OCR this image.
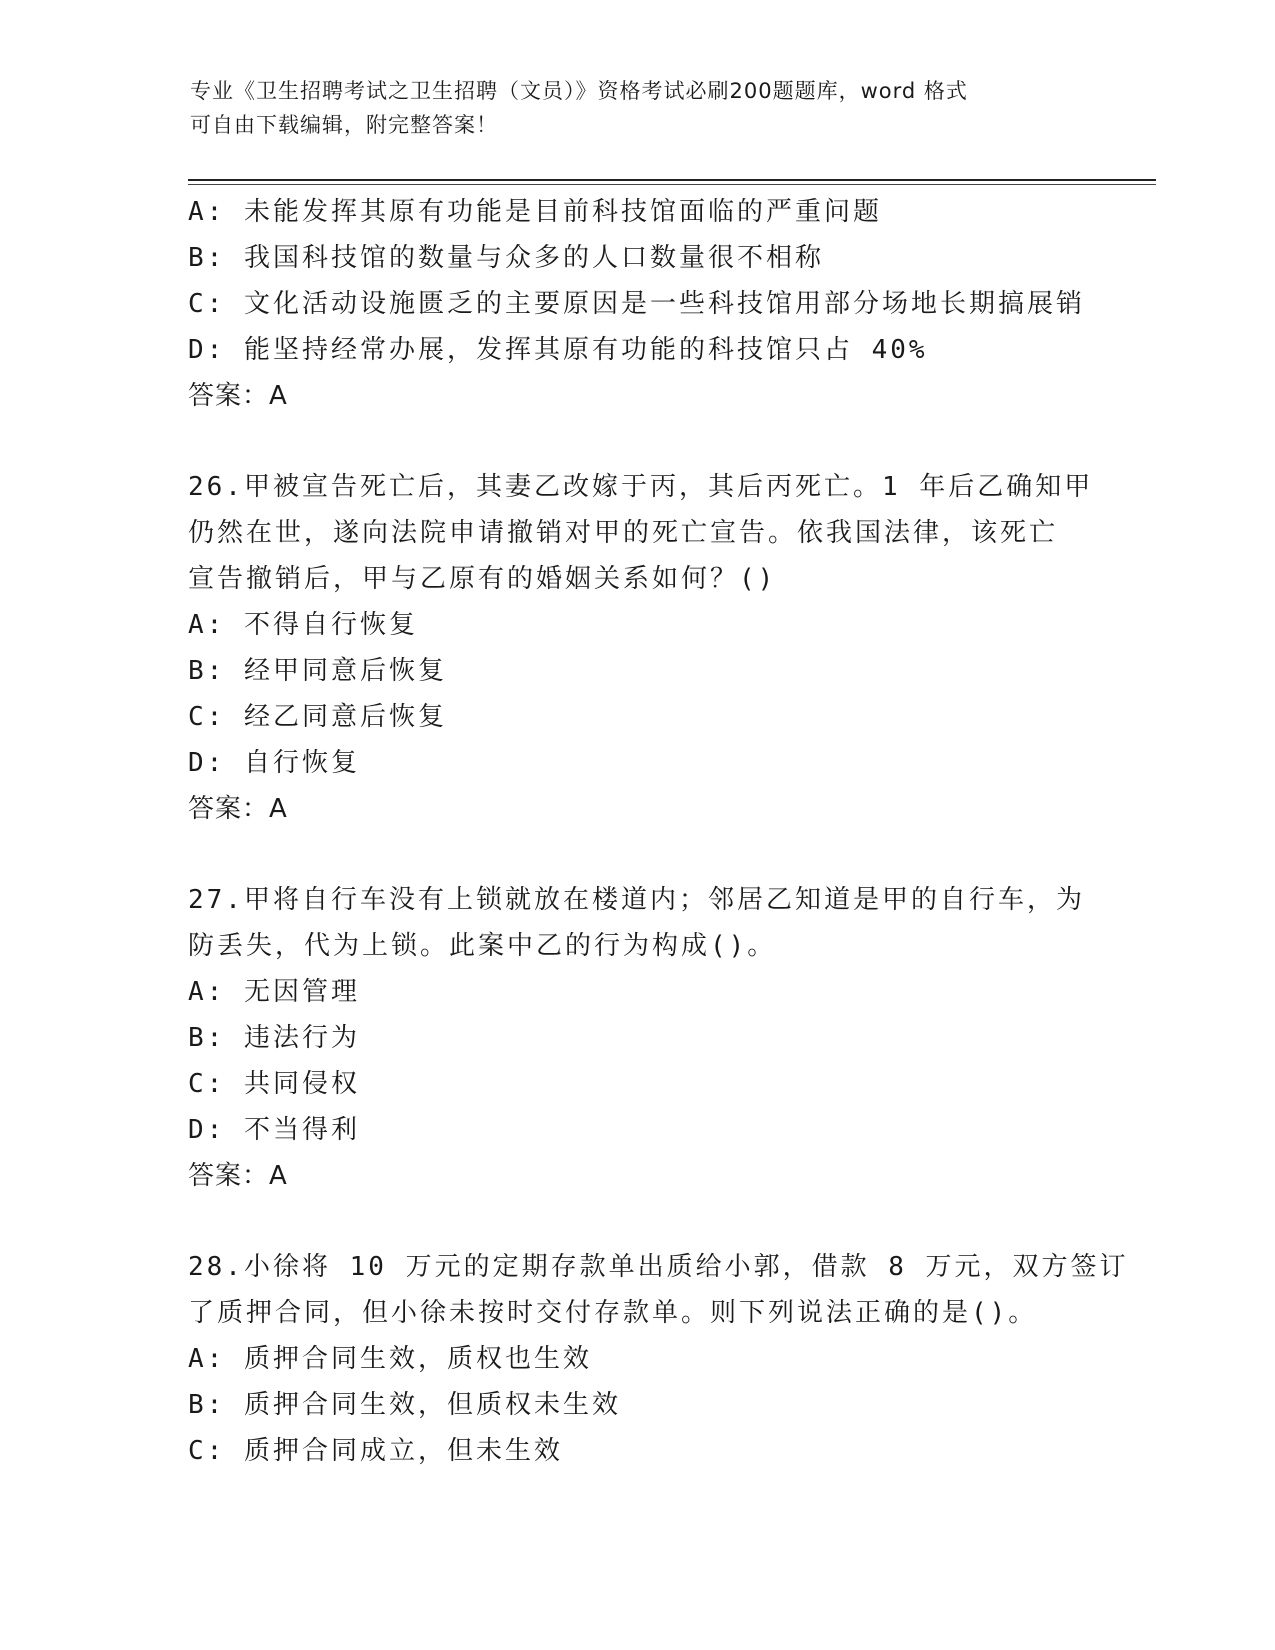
专业《卫生招聘考试之卫生招聘（文员）》资格考试必刷200题题库，word 格式
可自由下载编辑，附完整答案！
A: 未能发挥其原有功能是目前科技馆面临的严重问题
B: 我国科技馆的数量与众多的人口数量很不相称
C: 文化活动设施匮乏的主要原因是一些科技馆用部分场地长期搞展销
D: 能坚持经常办展，发挥其原有功能的科技馆只占 40%
答案：A
26.甲被宣告死亡后，其妻乙改嫁于丙，其后丙死亡。1 年后乙确知甲
仍然在世，遂向法院申请撤销对甲的死亡宣告。依我国法律，该死亡
宣告撤销后，甲与乙原有的婚姻关系如何？()
A: 不得自行恢复
B: 经甲同意后恢复
C: 经乙同意后恢复
D: 自行恢复
答案：A
27.甲将自行车没有上锁就放在楼道内；邻居乙知道是甲的自行车，为
防丢失，代为上锁。此案中乙的行为构成()。
A: 无因管理
B: 违法行为
C: 共同侵权
D: 不当得利
答案：A
28.小徐将 10 万元的定期存款单出质给小郭，借款 8 万元，双方签订
了质押合同，但小徐未按时交付存款单。则下列说法正确的是()。
A: 质押合同生效，质权也生效
B: 质押合同生效，但质权未生效
C: 质押合同成立，但未生效
